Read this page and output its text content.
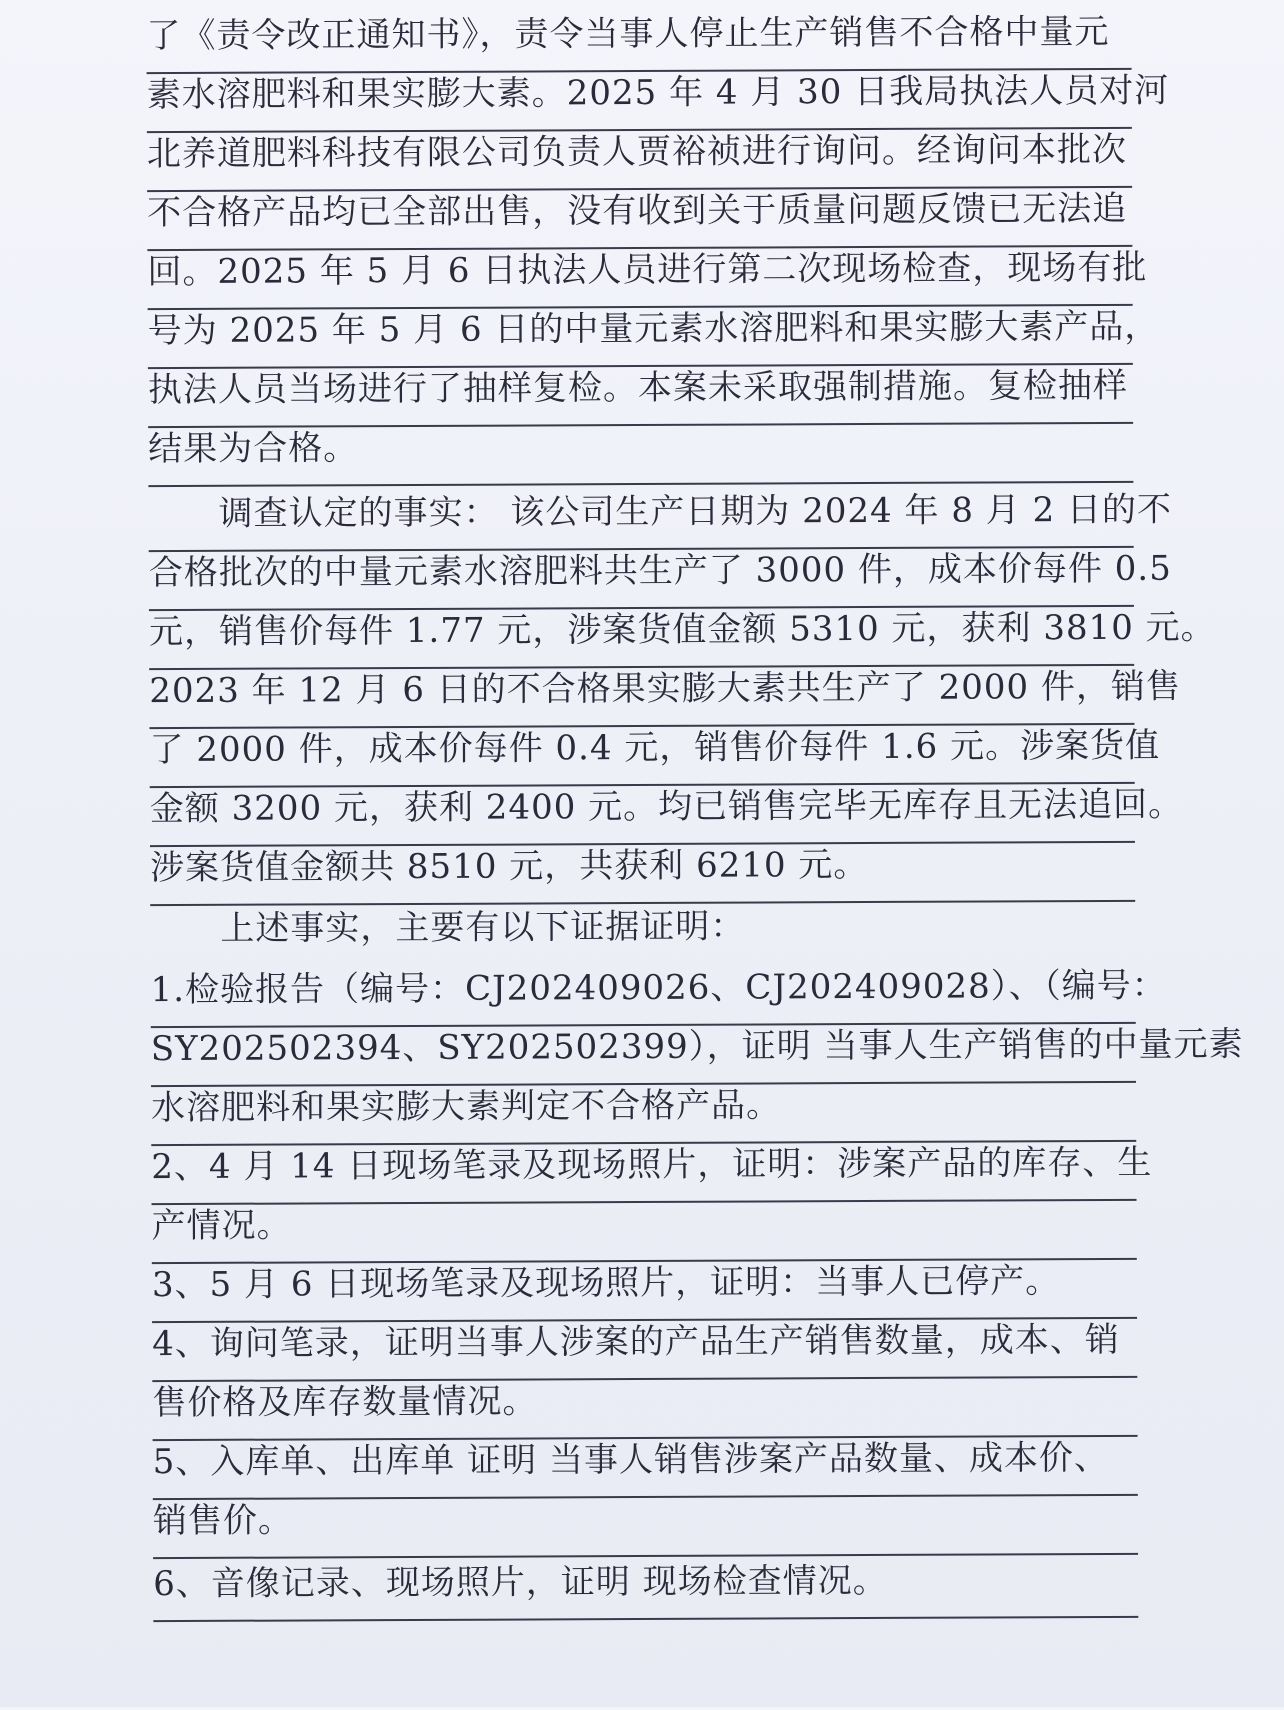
了《责令改正通知书》，责令当事人停止生产销售不合格中量元
素水溶肥料和果实膨大素。2025 年 4 月 30 日我局执法人员对河
北养道肥料科技有限公司负责人贾裕祯进行询问。经询问本批次
不合格产品均已全部出售，没有收到关于质量问题反馈已无法追
回。2025 年 5 月 6 日执法人员进行第二次现场检查，现场有批
号为 2025 年 5 月 6 日的中量元素水溶肥料和果实膨大素产品，
执法人员当场进行了抽样复检。本案未采取强制措施。复检抽样
结果为合格。
调查认定的事实： 该公司生产日期为 2024 年 8 月 2 日的不
合格批次的中量元素水溶肥料共生产了 3000 件，成本价每件 0.5
元，销售价每件 1.77 元，涉案货值金额 5310 元，获利 3810 元。
2023 年 12 月 6 日的不合格果实膨大素共生产了 2000 件，销售
了 2000 件，成本价每件 0.4 元，销售价每件 1.6 元。涉案货值
金额 3200 元，获利 2400 元。均已销售完毕无库存且无法追回。
涉案货值金额共 8510 元，共获利 6210 元。
上述事实，主要有以下证据证明：
1.检验报告（编号：CJ202409026、CJ202409028）、（编号：
SY202502394、SY202502399），证明 当事人生产销售的中量元素
水溶肥料和果实膨大素判定不合格产品。
2、4 月 14 日现场笔录及现场照片，证明：涉案产品的库存、生
产情况。
3、5 月 6 日现场笔录及现场照片，证明：当事人已停产。
4、询问笔录，证明当事人涉案的产品生产销售数量，成本、销
售价格及库存数量情况。
5、入库单、出库单 证明 当事人销售涉案产品数量、成本价、
销售价。
6、音像记录、现场照片，证明 现场检查情况。
